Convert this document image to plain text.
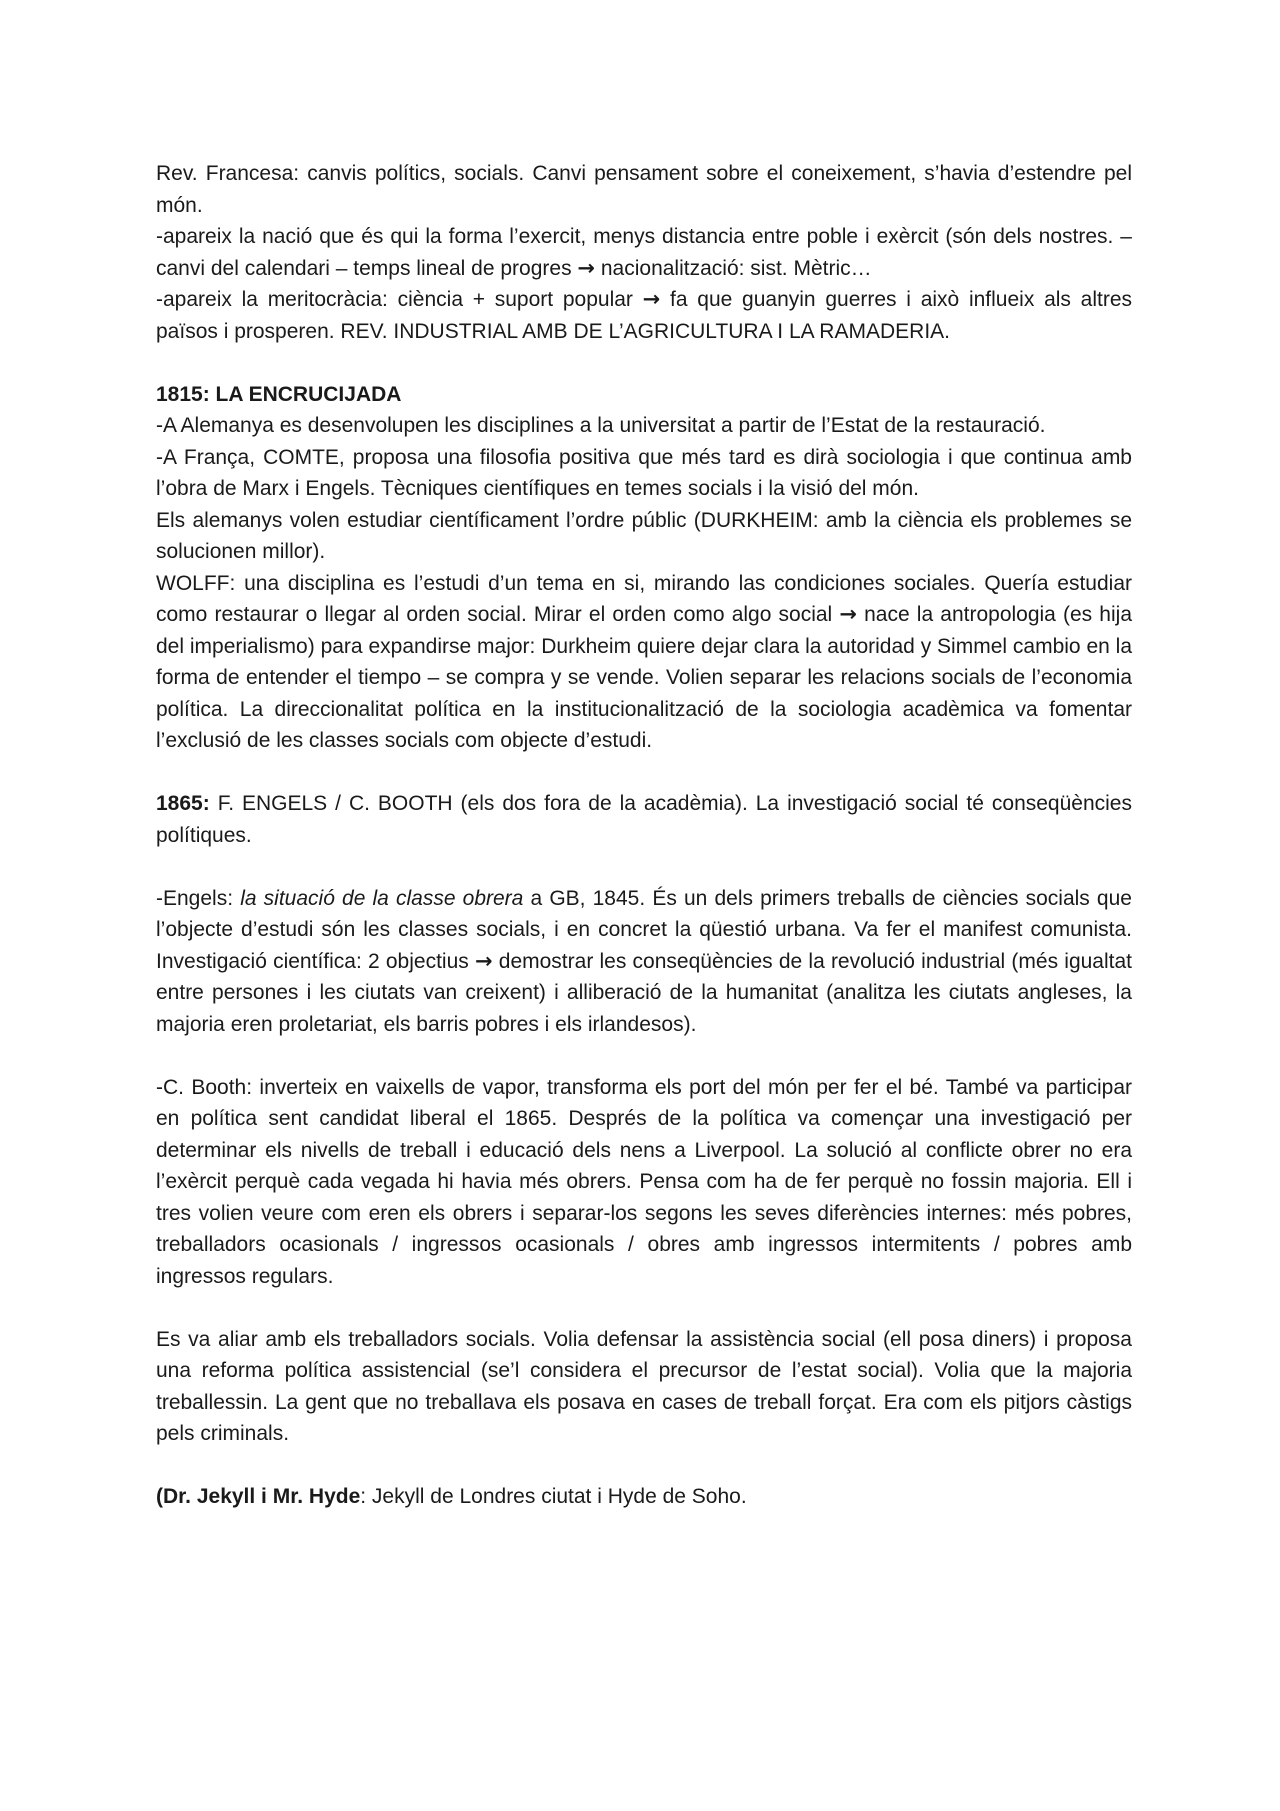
Rev. Francesa: canvis polítics, socials. Canvi pensament sobre el coneixement, s’havia d’estendre pel món.

-apareix la nació que és qui la forma l’exercit, menys distancia entre poble i exèrcit (són dels nostres. –canvi del calendari – temps lineal de progres → nacionalització: sist. Mètric…

-apareix la meritocràcia: ciència + suport popular → fa que guanyin guerres i això influeix als altres països i prosperen. REV. INDUSTRIAL AMB DE L’AGRICULTURA I LA RAMADERIA.

1815: LA ENCRUCIJADA

-A Alemanya es desenvolupen les disciplines a la universitat a partir de l’Estat de la restauració.

-A França, COMTE, proposa una filosofia positiva que més tard es dirà sociologia i que continua amb l’obra de Marx i Engels. Tècniques científiques en temes socials i la visió del món.

Els alemanys volen estudiar científicament l’ordre públic (DURKHEIM: amb la ciència els problemes se solucionen millor).

WOLFF: una disciplina es l’estudi d’un tema en si, mirando las condiciones sociales. Quería estudiar como restaurar o llegar al orden social. Mirar el orden como algo social → nace la antropologia (es hija del imperialismo) para expandirse major: Durkheim quiere dejar clara la autoridad y Simmel cambio en la forma de entender el tiempo – se compra y se vende. Volien separar les relacions socials de l’economia política. La direccionalitat política en la institucionalització de la sociologia acadèmica va fomentar l’exclusió de les classes socials com objecte d’estudi.

1865: F. ENGELS / C. BOOTH (els dos fora de la acadèmia). La investigació social té conseqüències polítiques.

-Engels: la situació de la classe obrera a GB, 1845. És un dels primers treballs de ciències socials que l’objecte d’estudi són les classes socials, i en concret la qüestió urbana. Va fer el manifest comunista. Investigació científica: 2 objectius → demostrar les conseqüències de la revolució industrial (més igualtat entre persones i les ciutats van creixent) i alliberació de la humanitat (analitza les ciutats angleses, la majoria eren proletariat, els barris pobres i els irlandesos).

-C. Booth: inverteix en vaixells de vapor, transforma els port del món per fer el bé. També va participar en política sent candidat liberal el 1865. Després de la política va començar una investigació per determinar els nivells de treball i educació dels nens a Liverpool. La solució al conflicte obrer no era l’exèrcit perquè cada vegada hi havia més obrers. Pensa com ha de fer perquè no fossin majoria. Ell i tres volien veure com eren els obrers i separar-los segons les seves diferències internes: més pobres, treballadors ocasionals / ingressos ocasionals / obres amb ingressos intermitents / pobres amb ingressos regulars.

Es va aliar amb els treballadors socials. Volia defensar la assistència social (ell posa diners) i proposa una reforma política assistencial (se’l considera el precursor de l’estat social). Volia que la majoria treballessin. La gent que no treballava els posava en cases de treball forçat. Era com els pitjors càstigs pels criminals.

(Dr. Jekyll i Mr. Hyde: Jekyll de Londres ciutat i Hyde de Soho.
